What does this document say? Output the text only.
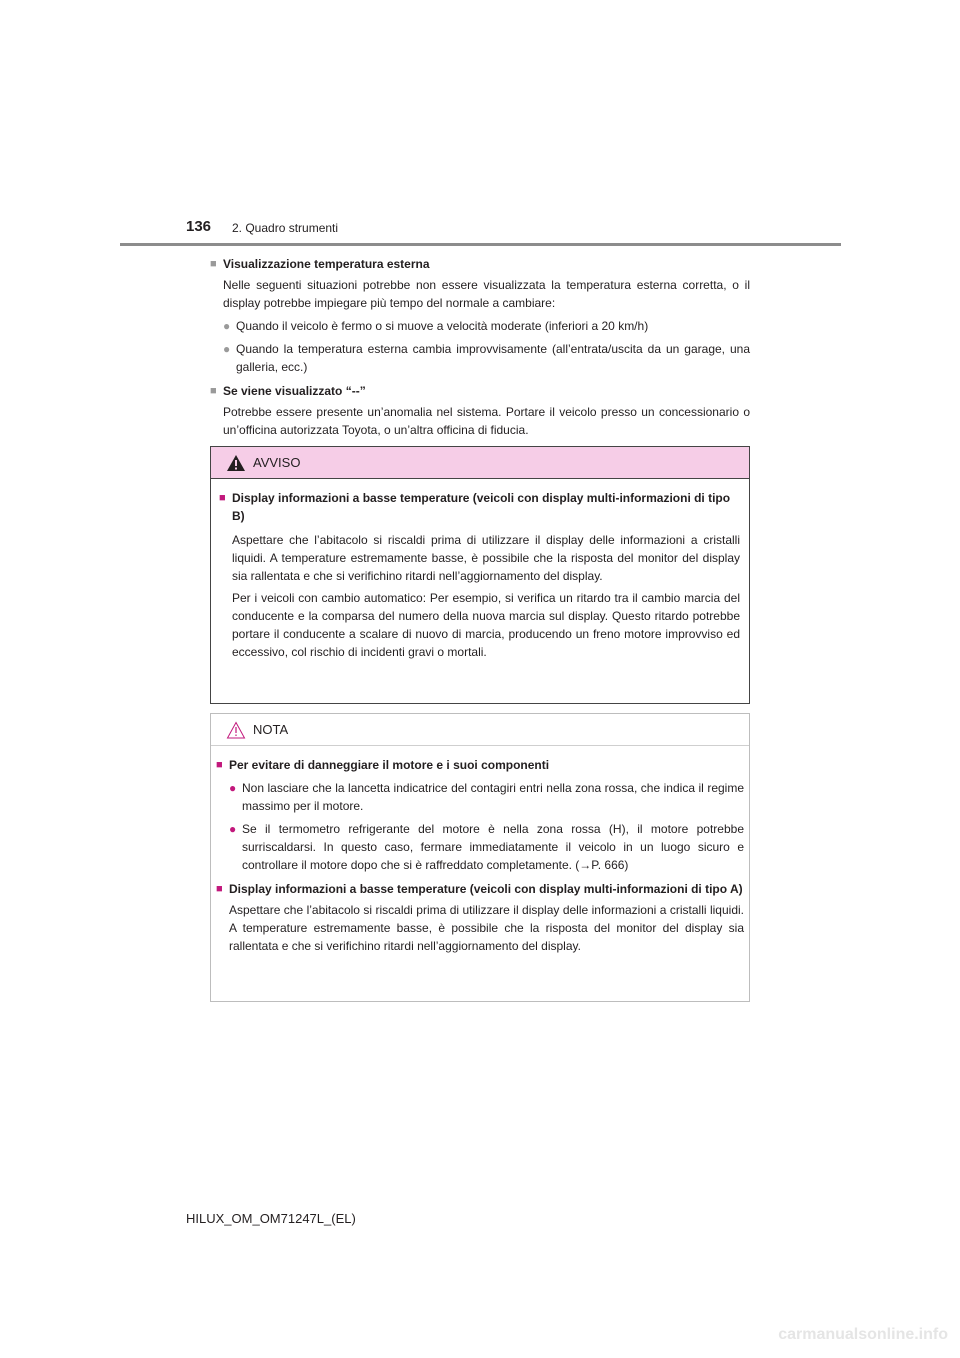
136 2. Quadro strumenti
■ Visualizzazione temperatura esterna
Nelle seguenti situazioni potrebbe non essere visualizzata la temperatura esterna corretta, o il display potrebbe impiegare più tempo del normale a cambiare:
● Quando il veicolo è fermo o si muove a velocità moderate (inferiori a 20 km/h)
● Quando la temperatura esterna cambia improvvisamente (all’entrata/uscita da un garage, una galleria, ecc.)
■ Se viene visualizzato “--”
Potrebbe essere presente un’anomalia nel sistema. Portare il veicolo presso un concessionario o un’officina autorizzata Toyota, o un’altra officina di fiducia.
AVVISO
■ Display informazioni a basse temperature (veicoli con display multi-informazioni di tipo B)
Aspettare che l’abitacolo si riscaldi prima di utilizzare il display delle informazioni a cristalli liquidi. A temperature estremamente basse, è possibile che la risposta del monitor del display sia rallentata e che si verifichino ritardi nell’aggiornamento del display.
Per i veicoli con cambio automatico: Per esempio, si verifica un ritardo tra il cambio marcia del conducente e la comparsa del numero della nuova marcia sul display. Questo ritardo potrebbe portare il conducente a scalare di nuovo di marcia, producendo un freno motore improvviso ed eccessivo, col rischio di incidenti gravi o mortali.
NOTA
■ Per evitare di danneggiare il motore e i suoi componenti
● Non lasciare che la lancetta indicatrice del contagiri entri nella zona rossa, che indica il regime massimo per il motore.
● Se il termometro refrigerante del motore è nella zona rossa (H), il motore potrebbe surriscaldarsi. In questo caso, fermare immediatamente il veicolo in un luogo sicuro e controllare il motore dopo che si è raffreddato completamente. (→P. 666)
■ Display informazioni a basse temperature (veicoli con display multi-informazioni di tipo A)
Aspettare che l’abitacolo si riscaldi prima di utilizzare il display delle informazioni a cristalli liquidi. A temperature estremamente basse, è possibile che la risposta del monitor del display sia rallentata e che si verifichino ritardi nell’aggiornamento del display.
HILUX_OM_OM71247L_(EL)
carmanualsonline.info
